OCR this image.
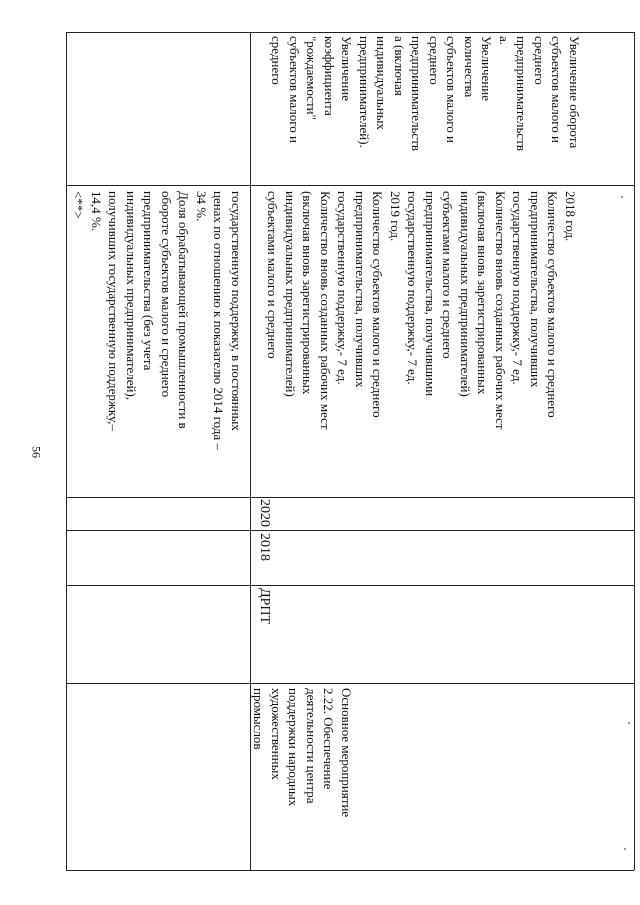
56
государственную поддержку, в постоянных
ценах по отношению к показателю 2014 года –
34 %.
Доля обрабатывающей промышленности в
обороте субъектов малого и среднего
предпринимательства (без учета
индивидуальных предпринимателей),
получивших государственную поддержку,–
14,4 %.
<**>
Основное мероприятие
2.22. Обеспечение
деятельности центра
поддержки народных
художественных
промыслов
ДРПТ
2018
2020
2018 год.
Количество субъектов малого и среднего
предпринимательства, получивших
государственную поддержку,- 7 ед.
Количество вновь созданных рабочих мест
(включая вновь зарегистрированных
индивидуальных предпринимателей)
субъектами малого и среднего
предпринимательства, получившими
государственную поддержку,- 7 ед.
2019 год.
Количество субъектов малого и среднего
предпринимательства, получивших
государственную поддержку,- 7 ед.
Количество вновь созданных рабочих мест
(включая вновь зарегистрированных
индивидуальных предпринимателей)
субъектами малого и среднего
Увеличение оборота
субъектов малого и
среднего
предпринимательств
а.
Увеличение
количества
субъектов малого и
среднего
предпринимательств
а (включая
индивидуальных
предпринимателей).
Увеличение
коэффициента
"рождаемости"
субъектов малого и
среднего
